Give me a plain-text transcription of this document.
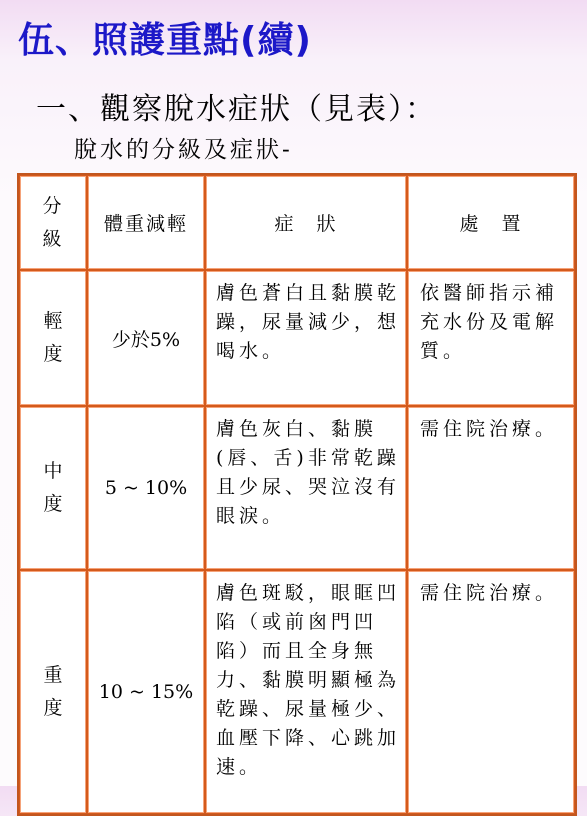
伍、照護重點(續)
一、觀察脫水症狀（見表）：
脫水的分級及症狀-
分級	體重減輕	症　狀	處　置
輕度	少於5%	膚色蒼白且黏膜乾躁，尿量減少，想喝水。	依醫師指示補充水份及電解質。
中度	5 ~ 10%	膚色灰白、黏膜(唇、舌)非常乾躁且少尿、哭泣沒有眼淚。	需住院治療。
重度	10 ~ 15%	膚色斑駁，眼眶凹陷（或前囪門凹陷）而且全身無力、黏膜明顯極為乾躁、尿量極少、血壓下降、心跳加速。	需住院治療。
